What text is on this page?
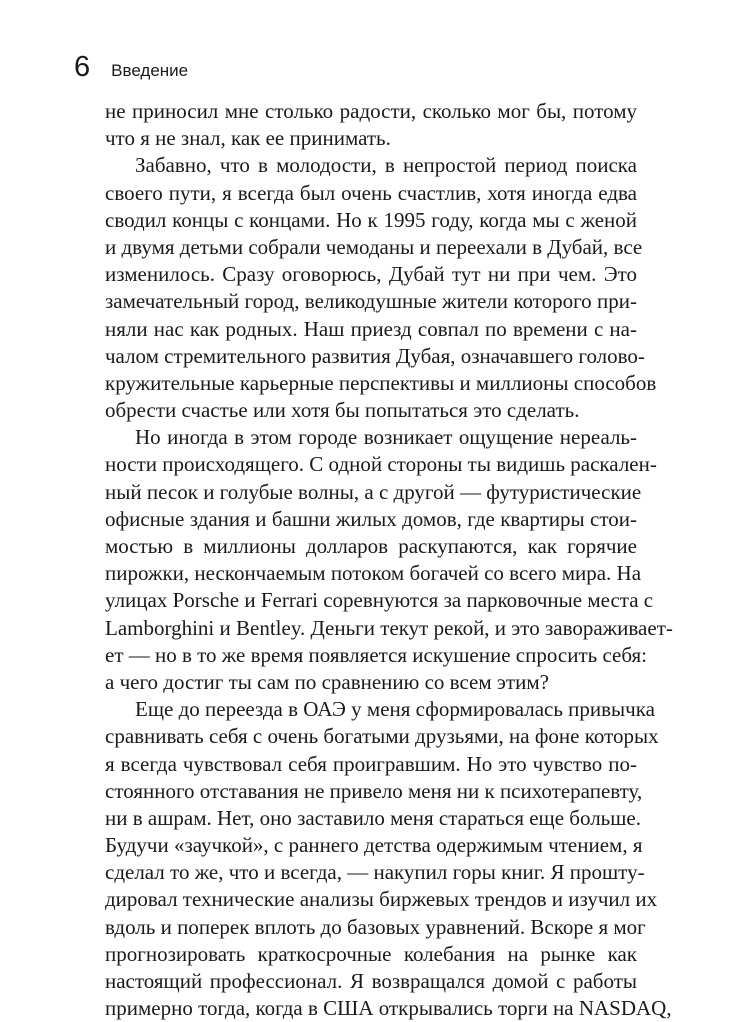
6 Введение
не приносил мне столько радости, сколько мог бы, потому
что я не знал, как ее принимать.
Забавно, что в молодости, в непростой период поиска
своего пути, я всегда был очень счастлив, хотя иногда едва
сводил концы с концами. Но к 1995 году, когда мы с женой
и двумя детьми собрали чемоданы и переехали в Дубай, все
изменилось. Сразу оговорюсь, Дубай тут ни при чем. Это
замечательный город, великодушные жители которого при-
няли нас как родных. Наш приезд совпал по времени с на-
чалом стремительного развития Дубая, означавшего голово-
кружительные карьерные перспективы и миллионы способов
обрести счастье или хотя бы попытаться это сделать.
Но иногда в этом городе возникает ощущение нереаль-
ности происходящего. С одной стороны ты видишь раскален-
ный песок и голубые волны, а с другой — футуристические
офисные здания и башни жилых домов, где квартиры стои-
мостью в миллионы долларов раскупаются, как горячие
пирожки, нескончаемым потоком богачей со всего мира. На
улицах Porsche и Ferrari соревнуются за парковочные места с
Lamborghini и Bentley. Деньги текут рекой, и это завораживает-
ет — но в то же время появляется искушение спросить себя:
а чего достиг ты сам по сравнению со всем этим?
Еще до переезда в ОАЭ у меня сформировалась привычка
сравнивать себя с очень богатыми друзьями, на фоне которых
я всегда чувствовал себя проигравшим. Но это чувство по-
стоянного отставания не привело меня ни к психотерапевту,
ни в ашрам. Нет, оно заставило меня стараться еще больше.
Будучи «заучкой», с раннего детства одержимым чтением, я
сделал то же, что и всегда, — накупил горы книг. Я прошту-
дировал технические анализы биржевых трендов и изучил их
вдоль и поперек вплоть до базовых уравнений. Вскоре я мог
прогнозировать краткосрочные колебания на рынке как
настоящий профессионал. Я возвращался домой с работы
примерно тогда, когда в США открывались торги на NASDAQ,
